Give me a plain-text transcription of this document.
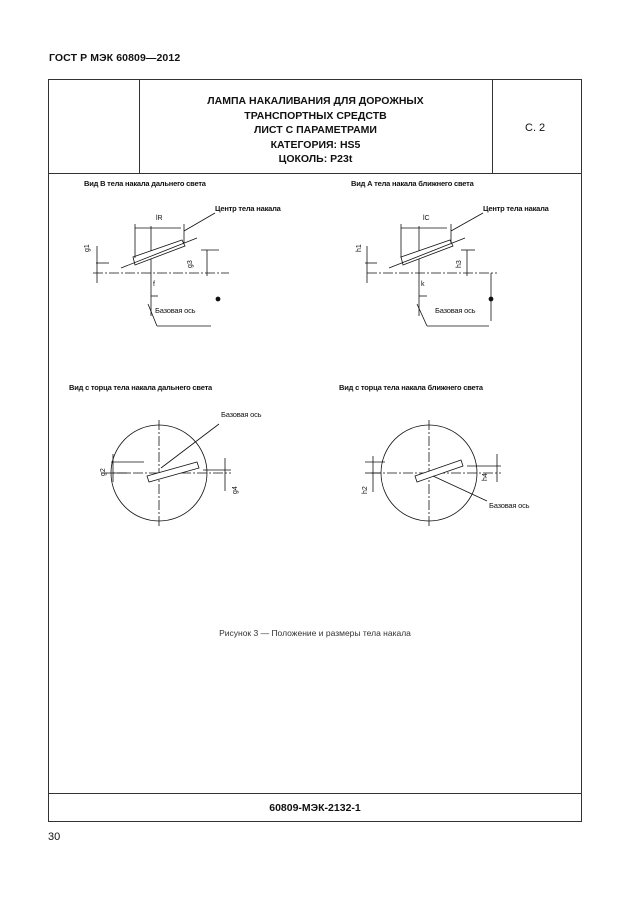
ГОСТ Р МЭК 60809—2012
ЛАМПА НАКАЛИВАНИЯ ДЛЯ ДОРОЖНЫХ
ТРАНСПОРТНЫХ СРЕДСТВ
ЛИСТ С ПАРАМЕТРАМИ
КАТЕГОРИЯ: HS5
ЦОКОЛЬ: P23t
С. 2
Вид В тела накала дальнего света	Вид А тела накала ближнего света
Центр тела накала	Центр тела накала
Базовая ось	Базовая ось
Вид с торца тела накала дальнего света	Вид с торца тела накала ближнего света
Базовая ось
Базовая ось
lR
f
g1
g3
lC
k
h1
h3
g2
g4	h2
h4
Рисунок 3 — Положение и размеры тела накала
60809-МЭК-2132-1
30
